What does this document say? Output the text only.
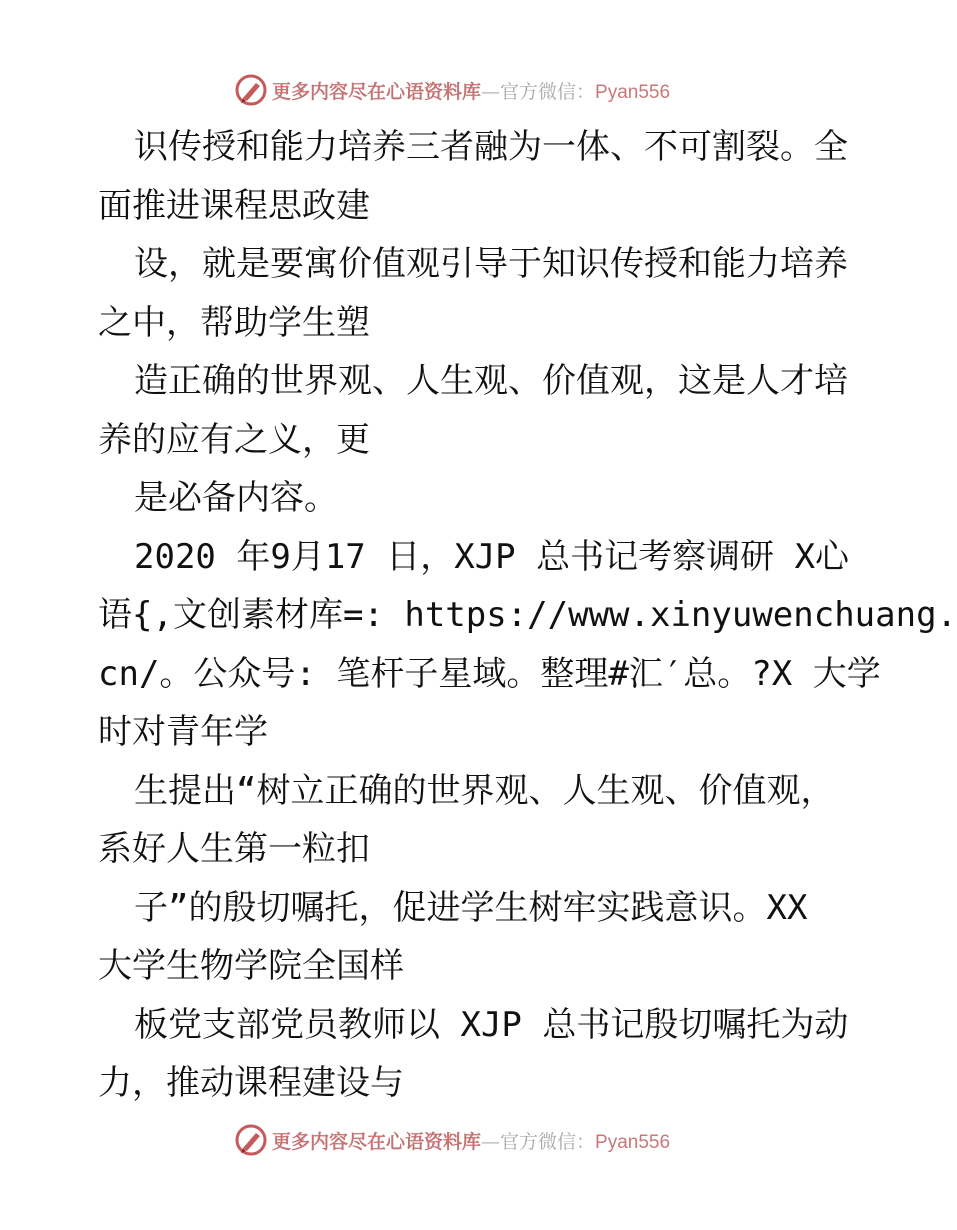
更多内容尽在心语资料库—官方微信：Pyan556
识传授和能力培养三者融为一体、不可割裂。全
面推进课程思政建
设，就是要寓价值观引导于知识传授和能力培养
之中，帮助学生塑
造正确的世界观、人生观、价值观，这是人才培
养的应有之义，更
是必备内容。
2020 年9月17 日，XJP 总书记考察调研 X心
语{,文创素材库=: https://www.xinyuwenchuang.
cn/。公众号: 笔杆子星域。整理#汇′总。?X 大学
时对青年学
生提出“树立正确的世界观、人生观、价值观，
系好人生第一粒扣
子”的殷切嘱托，促进学生树牢实践意识。XX
大学生物学院全国样
板党支部党员教师以 XJP 总书记殷切嘱托为动
力，推动课程建设与
更多内容尽在心语资料库—官方微信：Pyan556
